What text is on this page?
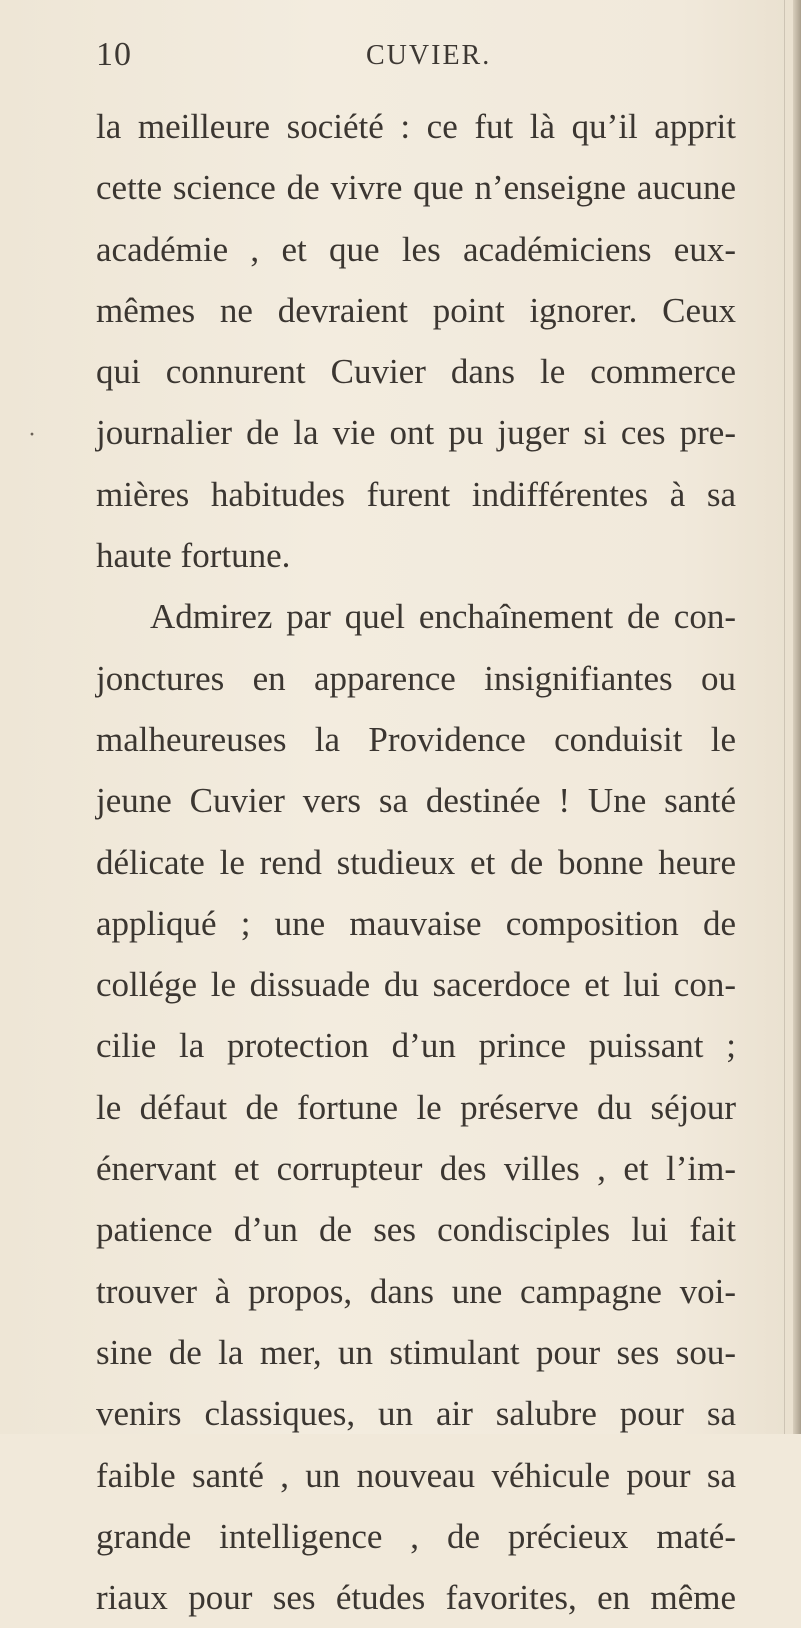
10	CUVIER.
·
la meilleure société : ce fut là qu’il apprit
cette science de vivre que n’enseigne aucune
académie , et que les académiciens eux-
mêmes ne devraient point ignorer. Ceux
qui connurent Cuvier dans le commerce
journalier de la vie ont pu juger si ces pre-
mières habitudes furent indifférentes à sa
haute fortune.
Admirez par quel enchaînement de con-
jonctures en apparence insignifiantes ou
malheureuses la Providence conduisit le
jeune Cuvier vers sa destinée ! Une santé
délicate le rend studieux et de bonne heure
appliqué ; une mauvaise composition de
collége le dissuade du sacerdoce et lui con-
cilie la protection d’un prince puissant ;
le défaut de fortune le préserve du séjour
énervant et corrupteur des villes , et l’im-
patience d’un de ses condisciples lui fait
trouver à propos, dans une campagne voi-
sine de la mer, un stimulant pour ses sou-
venirs classiques, un air salubre pour sa
faible santé , un nouveau véhicule pour sa
grande intelligence , de précieux maté-
riaux pour ses études favorites, en même
